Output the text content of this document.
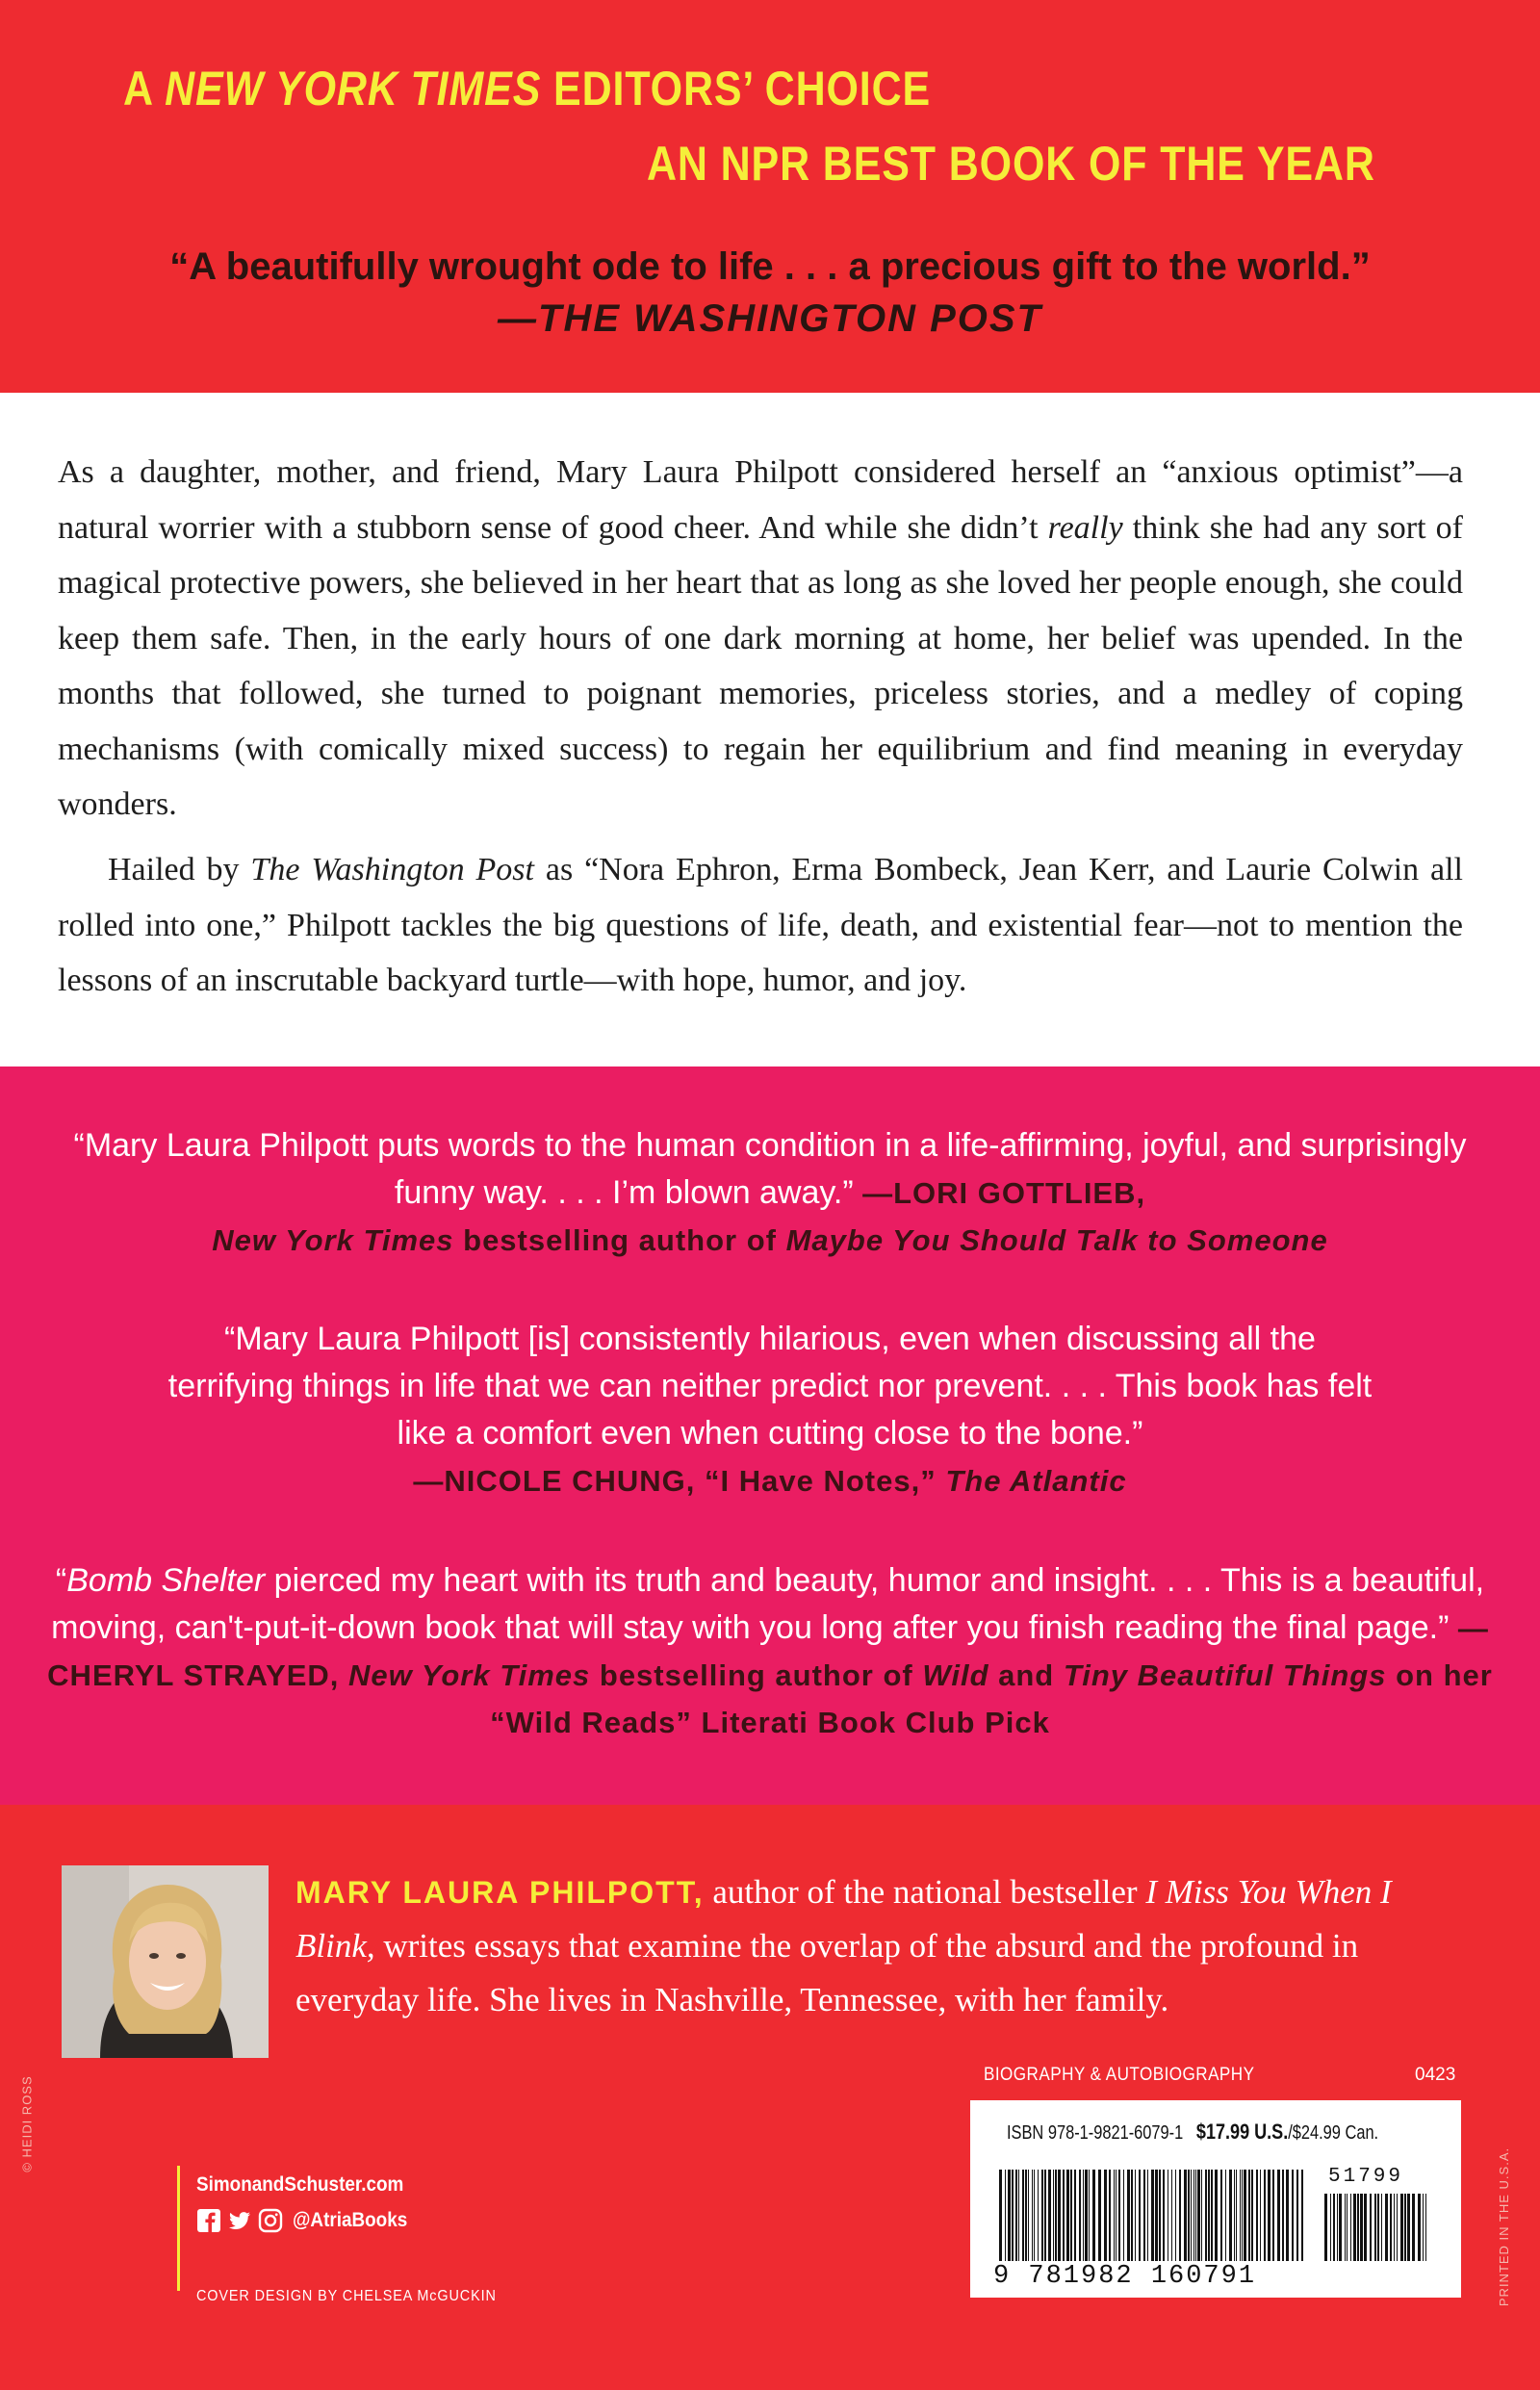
A NEW YORK TIMES EDITORS’ CHOICE
AN NPR BEST BOOK OF THE YEAR
“A beautifully wrought ode to life . . . a precious gift to the world.”
—THE WASHINGTON POST

As a daughter, mother, and friend, Mary Laura Philpott considered herself an “anxious optimist”—a natural worrier with a stubborn sense of good cheer. And while she didn’t really think she had any sort of magical protective powers, she believed in her heart that as long as she loved her people enough, she could keep them safe. Then, in the early hours of one dark morning at home, her belief was upended. In the months that followed, she turned to poignant memories, priceless stories, and a medley of coping mechanisms (with comically mixed success) to regain her equilibrium and find meaning in everyday wonders.

Hailed by The Washington Post as “Nora Ephron, Erma Bombeck, Jean Kerr, and Laurie Colwin all rolled into one,” Philpott tackles the big questions of life, death, and existential fear—not to mention the lessons of an inscrutable backyard turtle—with hope, humor, and joy.

“Mary Laura Philpott puts words to the human condition in a life-affirming, joyful, and surprisingly funny way. . . . I’m blown away.” —LORI GOTTLIEB,
New York Times bestselling author of Maybe You Should Talk to Someone

“Mary Laura Philpott [is] consistently hilarious, even when discussing all the terrifying things in life that we can neither predict nor prevent. . . . This book has felt like a comfort even when cutting close to the bone.”
—NICOLE CHUNG, “I Have Notes,” The Atlantic

“Bomb Shelter pierced my heart with its truth and beauty, humor and insight. . . . This is a beautiful, moving, can't-put-it-down book that will stay with you long after you finish reading the final page.” —CHERYL STRAYED, New York Times bestselling author of Wild and Tiny Beautiful Things on her “Wild Reads” Literati Book Club Pick

© HEIDI ROSS

MARY LAURA PHILPOTT, author of the national bestseller I Miss You When I Blink, writes essays that examine the overlap of the absurd and the profound in everyday life. She lives in Nashville, Tennessee, with her family.

BIOGRAPHY & AUTOBIOGRAPHY	0423
ISBN 978-1-9821-6079-1 $17.99 U.S./$24.99 Can.
51799
9 781982 160791	PRINTED IN THE U.S.A.
SimonandSchuster.com
@AtriaBooks
COVER DESIGN BY CHELSEA McGUCKIN
